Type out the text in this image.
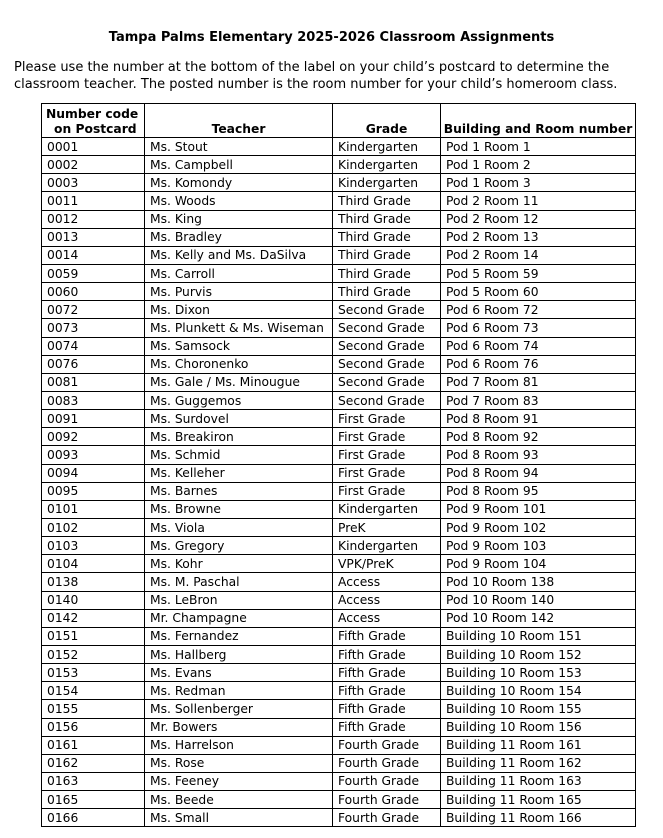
Tampa Palms Elementary 2025-2026 Classroom Assignments
Please use the number at the bottom of the label on your child’s postcard to determine the classroom teacher. The posted number is the room number for your child’s homeroom class.
Number code
on Postcard	Teacher	Grade	Building and Room number
0001	Ms. Stout	Kindergarten	Pod 1 Room 1
0002	Ms. Campbell	Kindergarten	Pod 1 Room 2
0003	Ms. Komondy	Kindergarten	Pod 1 Room 3
0011	Ms. Woods	Third Grade	Pod 2 Room 11
0012	Ms. King	Third Grade	Pod 2 Room 12
0013	Ms. Bradley	Third Grade	Pod 2 Room 13
0014	Ms. Kelly and Ms. DaSilva	Third Grade	Pod 2 Room 14
0059	Ms. Carroll	Third Grade	Pod 5 Room 59
0060	Ms. Purvis	Third Grade	Pod 5 Room 60
0072	Ms. Dixon	Second Grade	Pod 6 Room 72
0073	Ms. Plunkett & Ms. Wiseman	Second Grade	Pod 6 Room 73
0074	Ms. Samsock	Second Grade	Pod 6 Room 74
0076	Ms. Choronenko	Second Grade	Pod 6 Room 76
0081	Ms. Gale / Ms. Minougue	Second Grade	Pod 7 Room 81
0083	Ms. Guggemos	Second Grade	Pod 7 Room 83
0091	Ms. Surdovel	First Grade	Pod 8 Room 91
0092	Ms. Breakiron	First Grade	Pod 8 Room 92
0093	Ms. Schmid	First Grade	Pod 8 Room 93
0094	Ms. Kelleher	First Grade	Pod 8 Room 94
0095	Ms. Barnes	First Grade	Pod 8 Room 95
0101	Ms. Browne	Kindergarten	Pod 9 Room 101
0102	Ms. Viola	PreK	Pod 9 Room 102
0103	Ms. Gregory	Kindergarten	Pod 9 Room 103
0104	Ms. Kohr	VPK/PreK	Pod 9 Room 104
0138	Ms. M. Paschal	Access	Pod 10 Room 138
0140	Ms. LeBron	Access	Pod 10 Room 140
0142	Mr. Champagne	Access	Pod 10 Room 142
0151	Ms. Fernandez	Fifth Grade	Building 10 Room 151
0152	Ms. Hallberg	Fifth Grade	Building 10 Room 152
0153	Ms. Evans	Fifth Grade	Building 10 Room 153
0154	Ms. Redman	Fifth Grade	Building 10 Room 154
0155	Ms. Sollenberger	Fifth Grade	Building 10 Room 155
0156	Mr. Bowers	Fifth Grade	Building 10 Room 156
0161	Ms. Harrelson	Fourth Grade	Building 11 Room 161
0162	Ms. Rose	Fourth Grade	Building 11 Room 162
0163	Ms. Feeney	Fourth Grade	Building 11 Room 163
0165	Ms. Beede	Fourth Grade	Building 11 Room 165
0166	Ms. Small	Fourth Grade	Building 11 Room 166
